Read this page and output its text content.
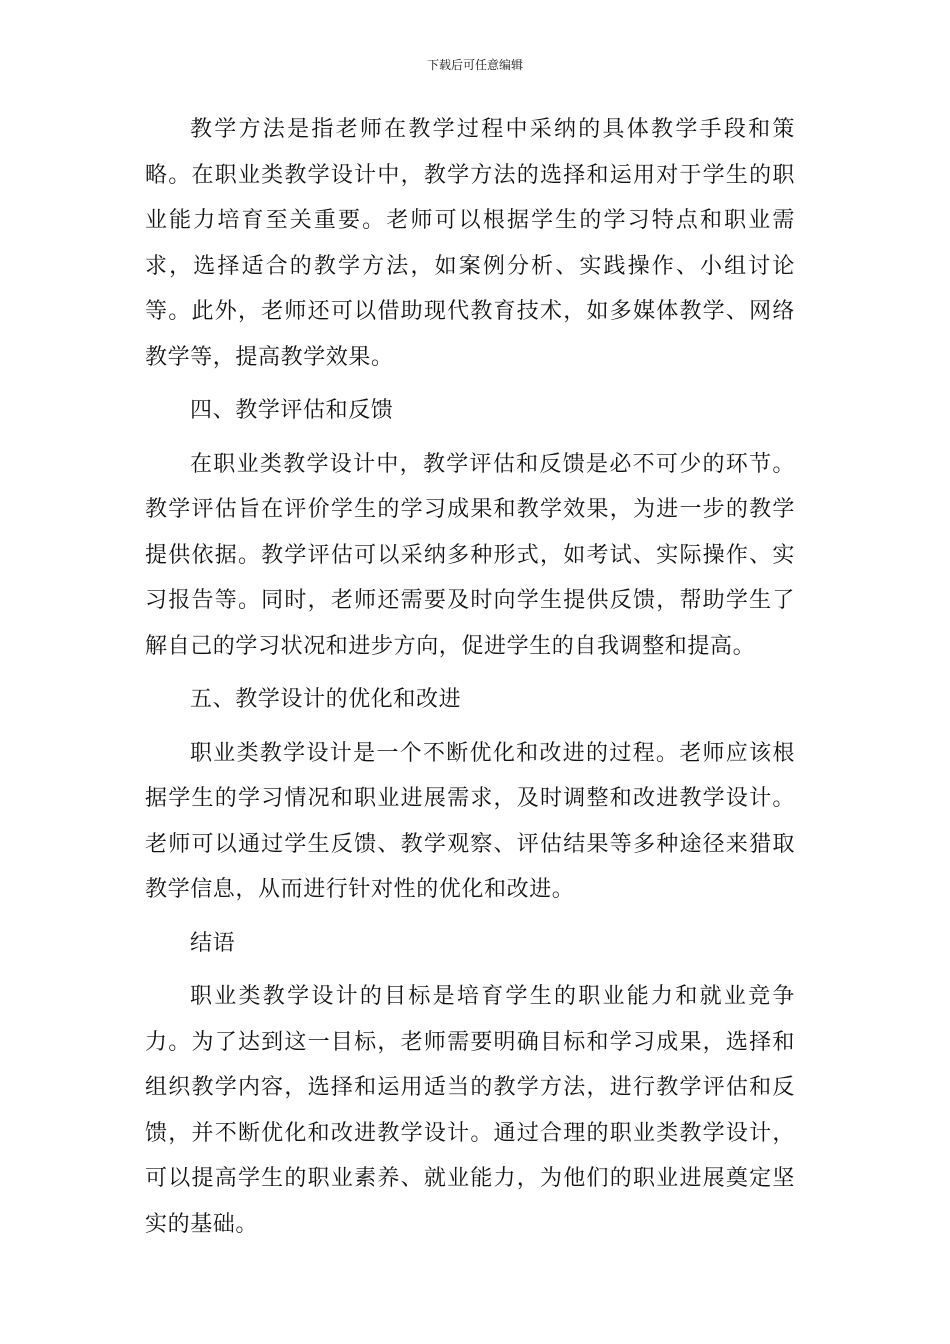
下载后可任意编辑

教学方法是指老师在教学过程中采纳的具体教学手段和策略。在职业类教学设计中，教学方法的选择和运用对于学生的职业能力培育至关重要。老师可以根据学生的学习特点和职业需求，选择适合的教学方法，如案例分析、实践操作、小组讨论等。此外，老师还可以借助现代教育技术，如多媒体教学、网络教学等，提高教学效果。

四、教学评估和反馈

在职业类教学设计中，教学评估和反馈是必不可少的环节。教学评估旨在评价学生的学习成果和教学效果，为进一步的教学提供依据。教学评估可以采纳多种形式，如考试、实际操作、实习报告等。同时，老师还需要及时向学生提供反馈，帮助学生了解自己的学习状况和进步方向，促进学生的自我调整和提高。

五、教学设计的优化和改进

职业类教学设计是一个不断优化和改进的过程。老师应该根据学生的学习情况和职业进展需求，及时调整和改进教学设计。老师可以通过学生反馈、教学观察、评估结果等多种途径来猎取教学信息，从而进行针对性的优化和改进。

结语

职业类教学设计的目标是培育学生的职业能力和就业竞争力。为了达到这一目标，老师需要明确目标和学习成果，选择和组织教学内容，选择和运用适当的教学方法，进行教学评估和反馈，并不断优化和改进教学设计。通过合理的职业类教学设计，可以提高学生的职业素养、就业能力，为他们的职业进展奠定坚实的基础。
